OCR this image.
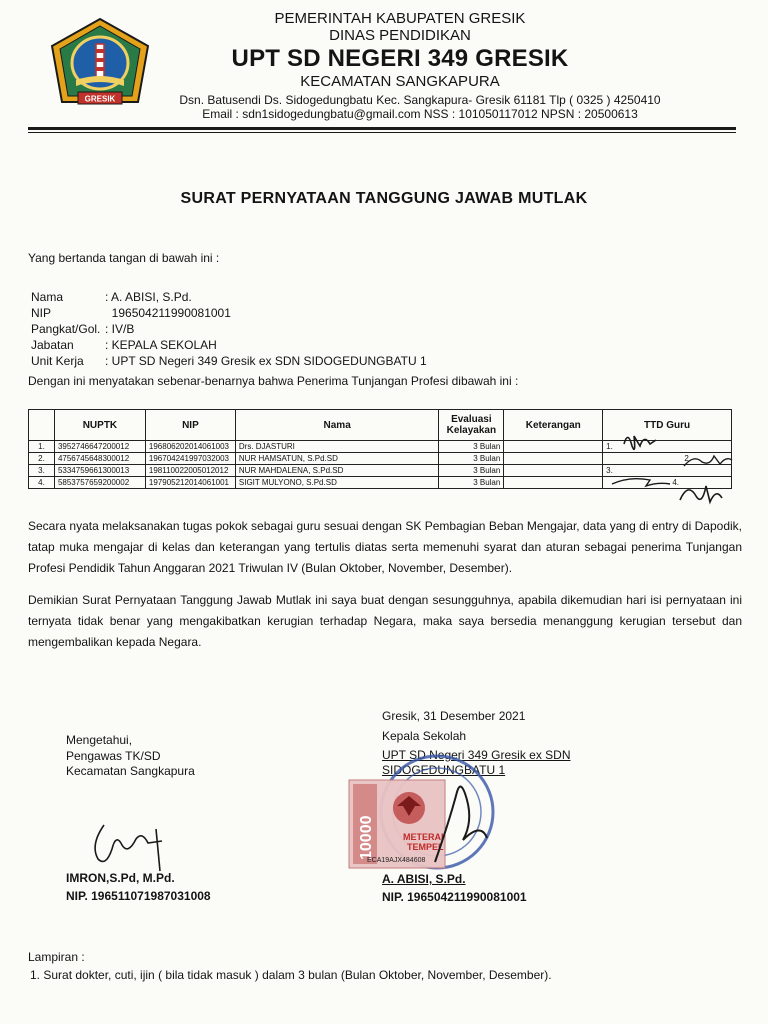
GRESIK
PEMERINTAH KABUPATEN GRESIK
DINAS PENDIDIKAN
UPT SD NEGERI 349 GRESIK
KECAMATAN SANGKAPURA
Dsn. Batusendi Ds. Sidogedungbatu Kec. Sangkapura- Gresik 61181 Tlp ( 0325 ) 4250410
Email : sdn1sidogedungbatu@gmail.com NSS : 101050117012 NPSN : 20500613
SURAT PERNYATAAN TANGGUNG JAWAB MUTLAK
Yang bertanda tangan di bawah ini :
Nama	: A. ABISI, S.Pd.
NIP	196504211990081001
Pangkat/Gol. : IV/B
Jabatan	: KEPALA SEKOLAH
Unit Kerja : UPT SD Negeri 349 Gresik ex SDN SIDOGEDUNGBATU 1
Dengan ini menyatakan sebenar-benarnya bahwa Penerima Tunjangan Profesi dibawah ini :
	NUPTK	NIP	Nama	Evaluasi Kelayakan	Keterangan	TTD Guru
1.	3952746647200012	196806202014061003	Drs. DJASTURI	3 Bulan		1.
2.	4756745648300012	196704241997032003	NUR HAMSATUN, S.Pd.SD	3 Bulan		2.
3.	5334759661300013	198110022005012012	NUR MAHDALENA, S.Pd.SD	3 Bulan		3.
4.	5853757659200002	197905212014061001	SIGIT MULYONO, S.Pd.SD	3 Bulan		4.
Secara nyata melaksanakan tugas pokok sebagai guru sesuai dengan SK Pembagian Beban Mengajar, data yang di entry di Dapodik, tatap muka mengajar di kelas dan keterangan yang tertulis diatas serta memenuhi syarat dan aturan sebagai penerima Tunjangan Profesi Pendidik Tahun Anggaran 2021 Triwulan IV (Bulan Oktober, November, Desember).
Demikian Surat Pernyataan Tanggung Jawab Mutlak ini saya buat dengan sesungguhnya, apabila dikemudian hari isi pernyataan ini ternyata tidak benar yang mengakibatkan kerugian terhadap Negara, maka saya bersedia menanggung kerugian tersebut dan mengembalikan kepada Negara.
Mengetahui,
Pengawas TK/SD
Kecamatan Sangkapura
IMRON,S.Pd, M.Pd.
NIP. 196511071987031008
Gresik, 31 Desember 2021
Kepala Sekolah
UPT SD Negeri 349 Gresik ex SDN
SIDOGEDUNGBATU 1
10000	METERAI
TEMPEL
ECA19AJX484608
A. ABISI, S.Pd.
NIP. 196504211990081001
Lampiran :
1. Surat dokter, cuti, ijin ( bila tidak masuk ) dalam 3 bulan (Bulan Oktober, November, Desember).
